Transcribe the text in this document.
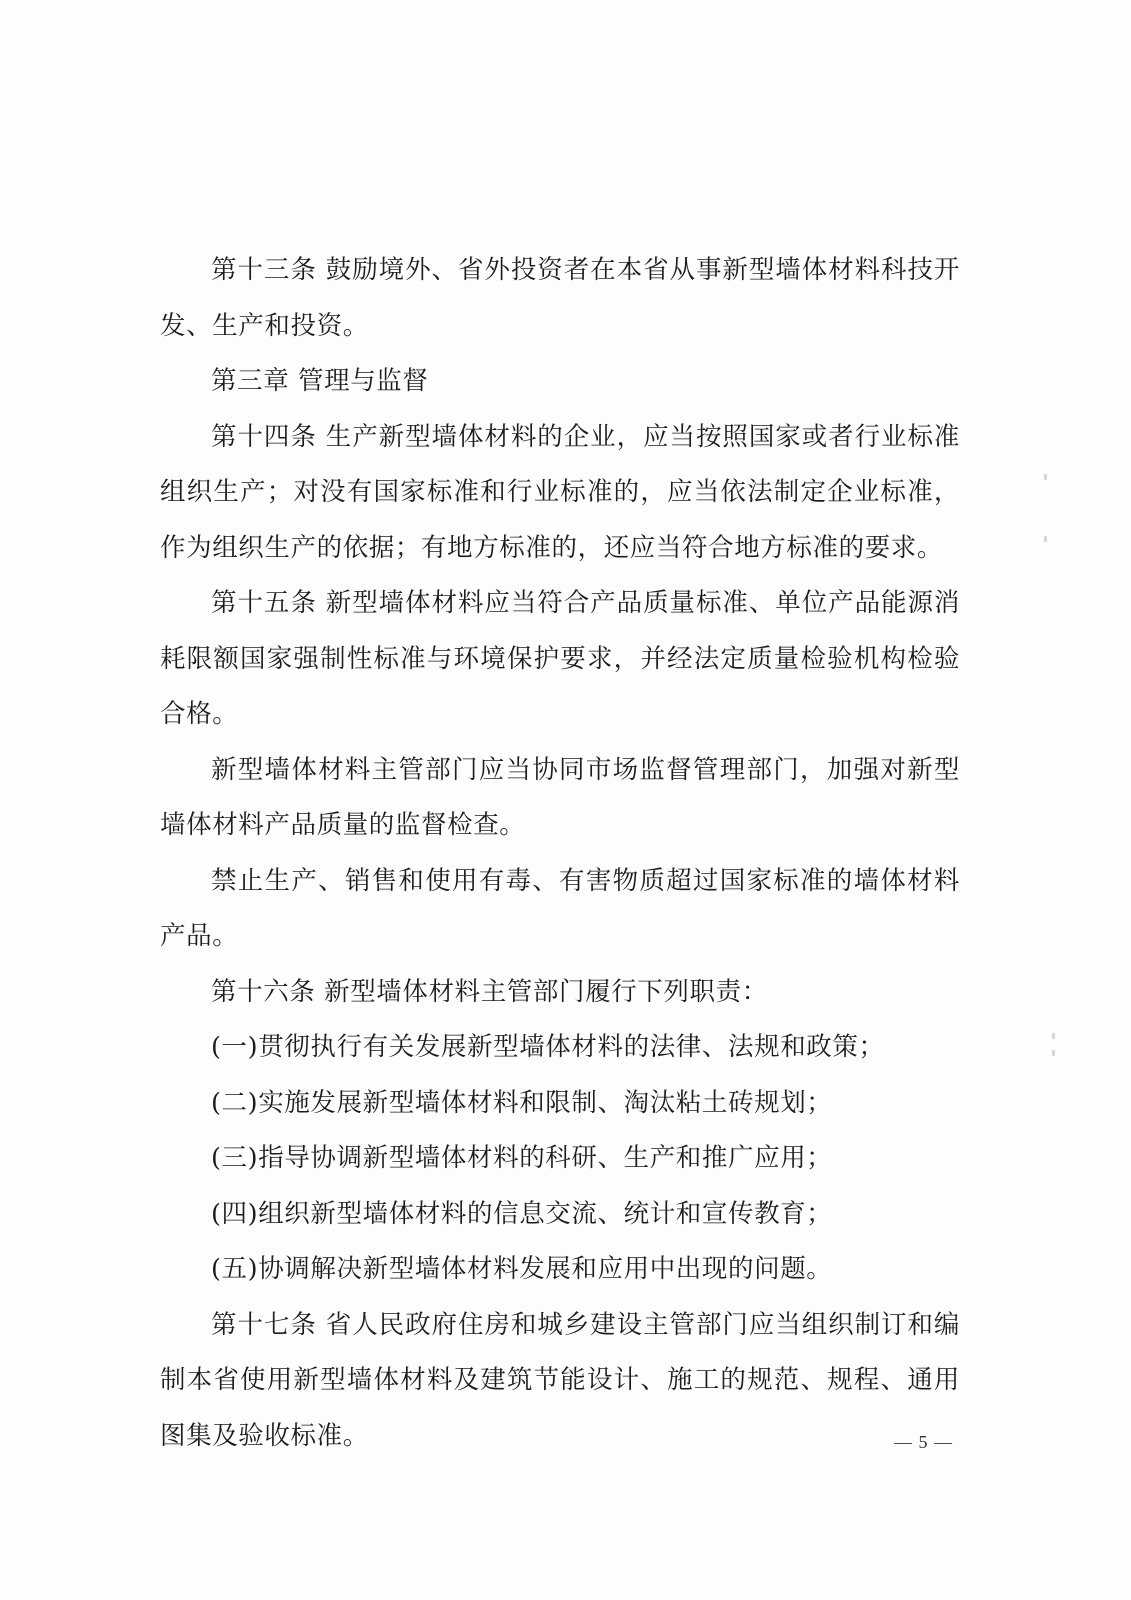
第十三条 鼓励境外、省外投资者在本省从事新型墙体材料科技开发、生产和投资。

第三章 管理与监督

第十四条 生产新型墙体材料的企业，应当按照国家或者行业标准组织生产；对没有国家标准和行业标准的，应当依法制定企业标准，作为组织生产的依据；有地方标准的，还应当符合地方标准的要求。

第十五条 新型墙体材料应当符合产品质量标准、单位产品能源消耗限额国家强制性标准与环境保护要求，并经法定质量检验机构检验合格。

新型墙体材料主管部门应当协同市场监督管理部门，加强对新型墙体材料产品质量的监督检查。

禁止生产、销售和使用有毒、有害物质超过国家标准的墙体材料产品。

第十六条 新型墙体材料主管部门履行下列职责：

(一)贯彻执行有关发展新型墙体材料的法律、法规和政策；

(二)实施发展新型墙体材料和限制、淘汰粘土砖规划；

(三)指导协调新型墙体材料的科研、生产和推广应用；

(四)组织新型墙体材料的信息交流、统计和宣传教育；

(五)协调解决新型墙体材料发展和应用中出现的问题。

第十七条 省人民政府住房和城乡建设主管部门应当组织制订和编制本省使用新型墙体材料及建筑节能设计、施工的规范、规程、通用图集及验收标准。	— 5 —
